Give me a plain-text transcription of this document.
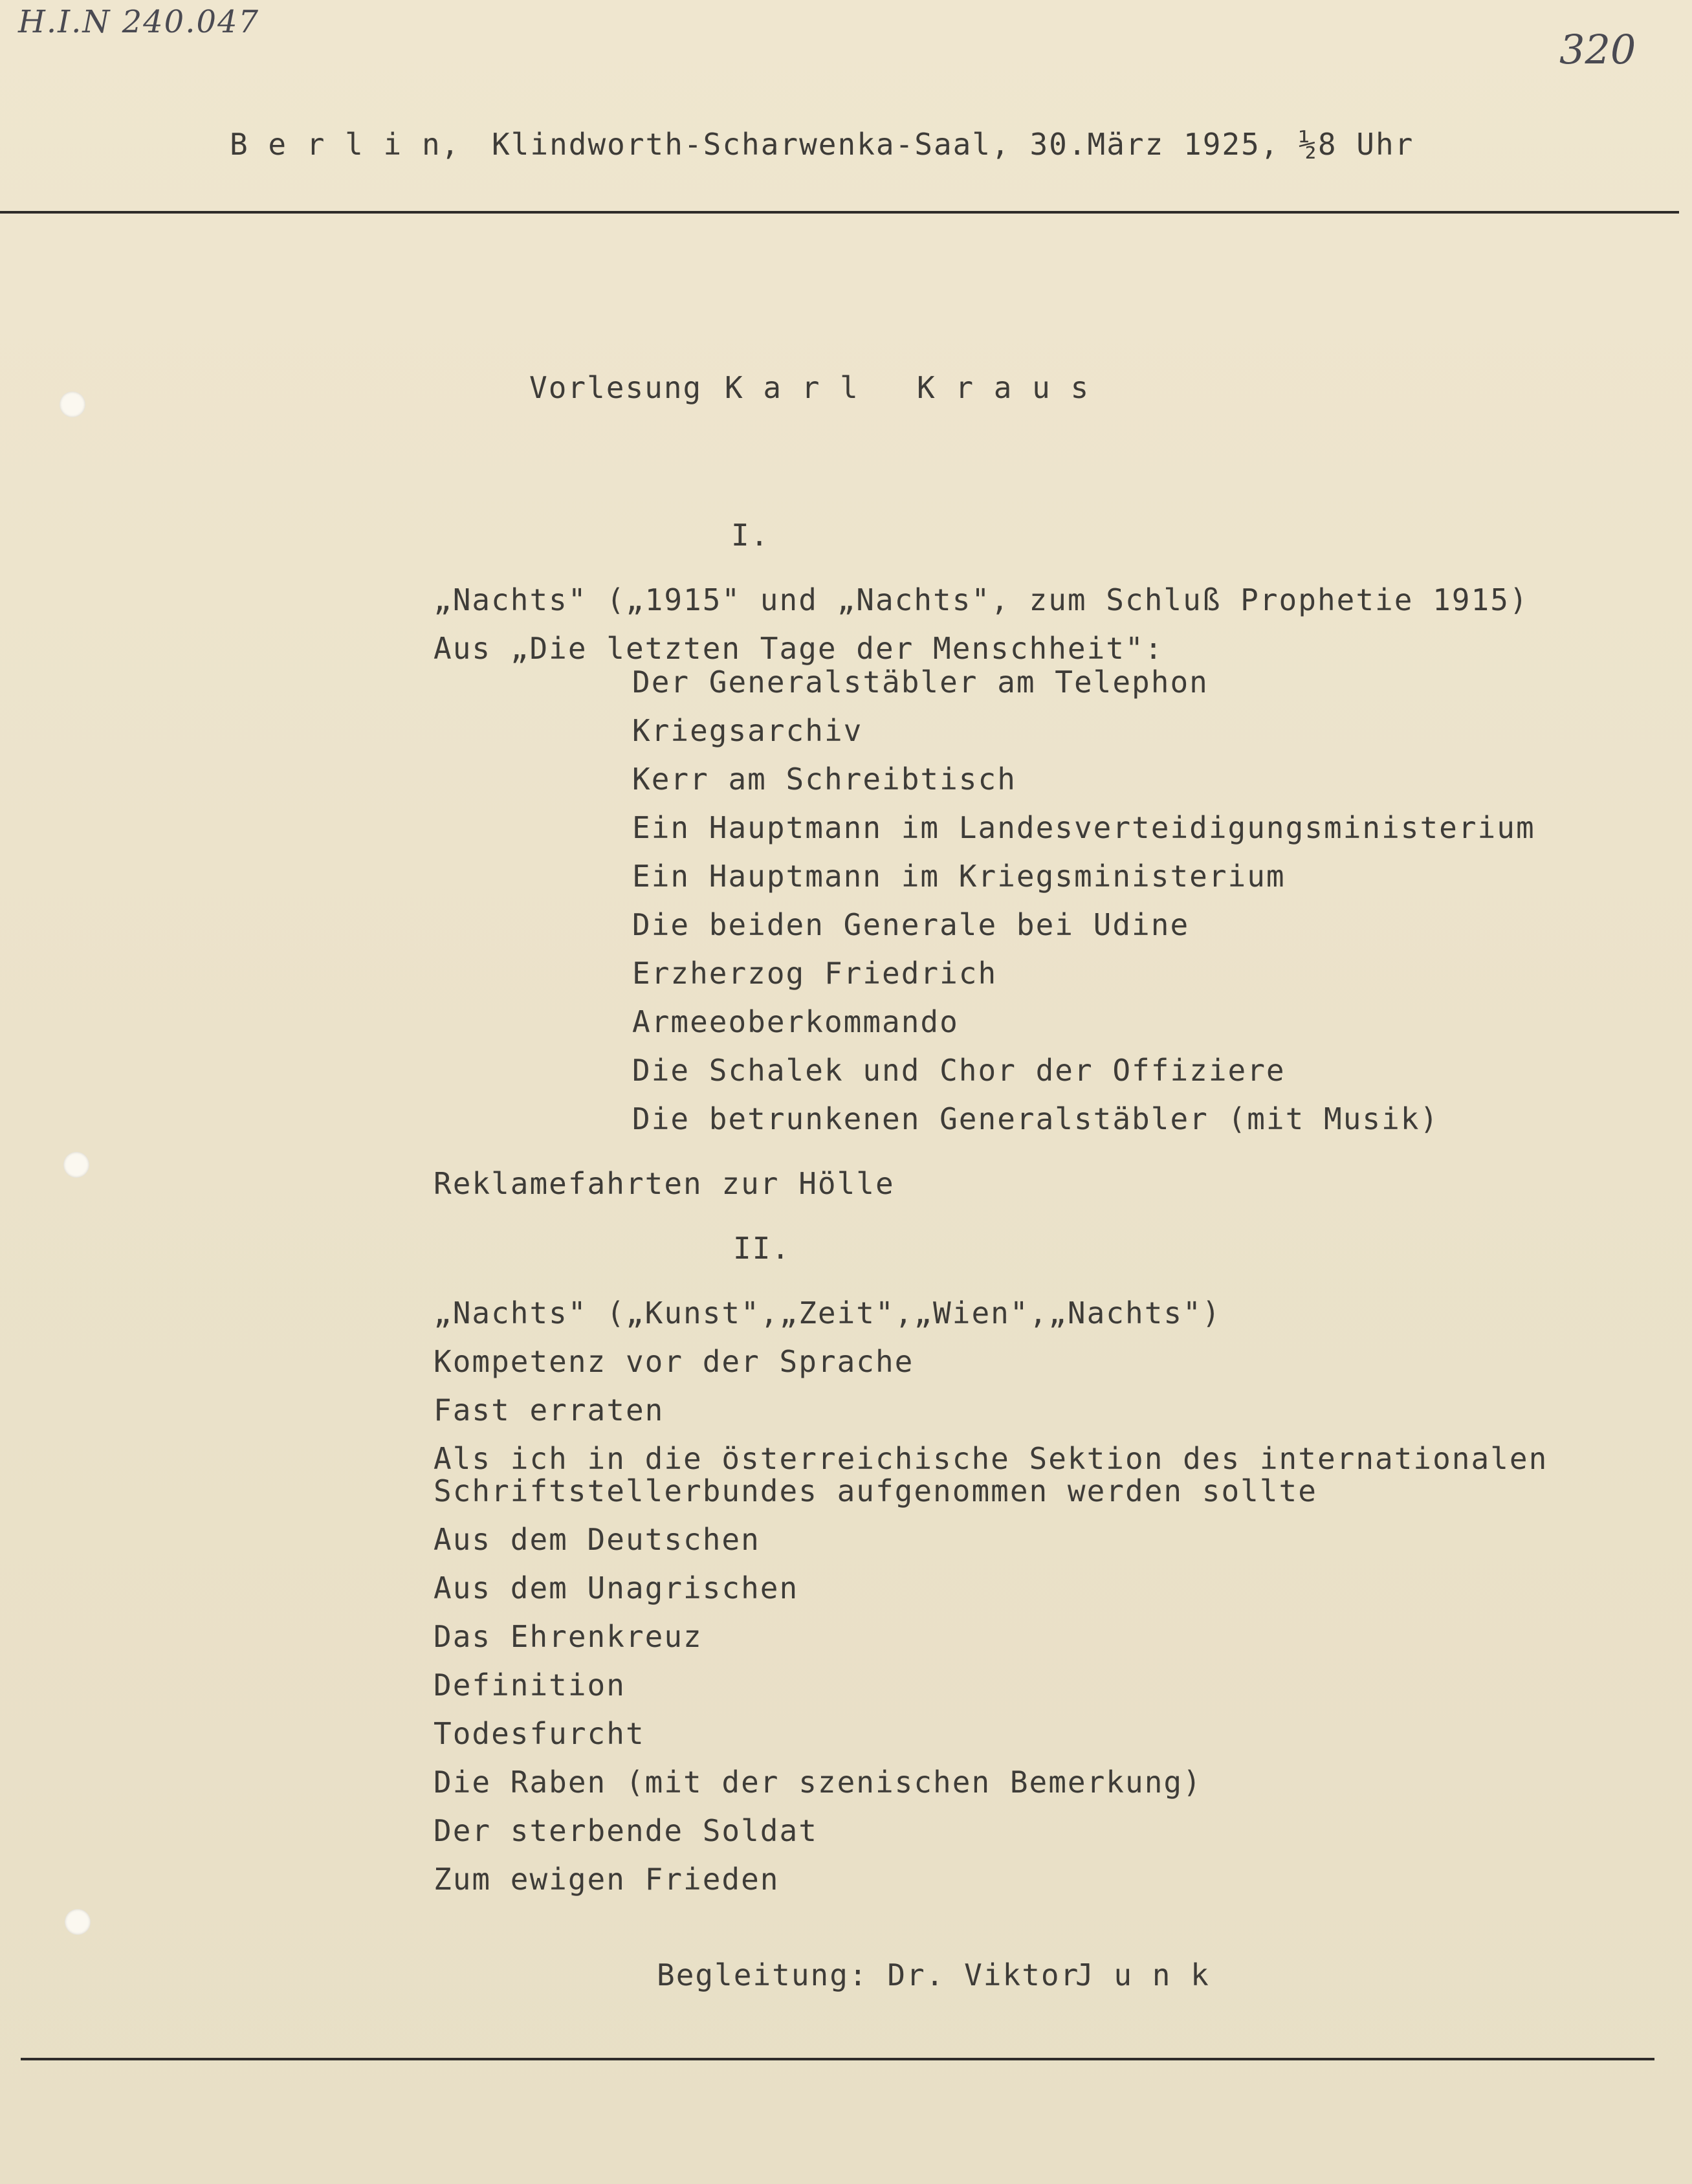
H.I.N 240.047
320
B e r l i n, Klindworth-Scharwenka-Saal, 30.März 1925, ½8 Uhr
Vorlesung K a r l   K r a u s
I.
„Nachts" („1915" und „Nachts", zum Schluß Prophetie 1915)
Aus „Die letzten Tage der Menschheit":
Der Generalstäbler am Telephon
Kriegsarchiv
Kerr am Schreibtisch
Ein Hauptmann im Landesverteidigungsministerium
Ein Hauptmann im Kriegsministerium
Die beiden Generale bei Udine
Erzherzog Friedrich
Armeeoberkommando
Die Schalek und Chor der Offiziere
Die betrunkenen Generalstäbler (mit Musik)
Reklamefahrten zur Hölle
II.
„Nachts" („Kunst",„Zeit",„Wien",„Nachts")
Kompetenz vor der Sprache
Fast erraten
Als ich in die österreichische Sektion des internationalen
Schriftstellerbundes aufgenommen werden sollte
Aus dem Deutschen
Aus dem Unagrischen
Das Ehrenkreuz
Definition
Todesfurcht
Die Raben (mit der szenischen Bemerkung)
Der sterbende Soldat
Zum ewigen Frieden
Begleitung: Dr. Viktor
J u n k
